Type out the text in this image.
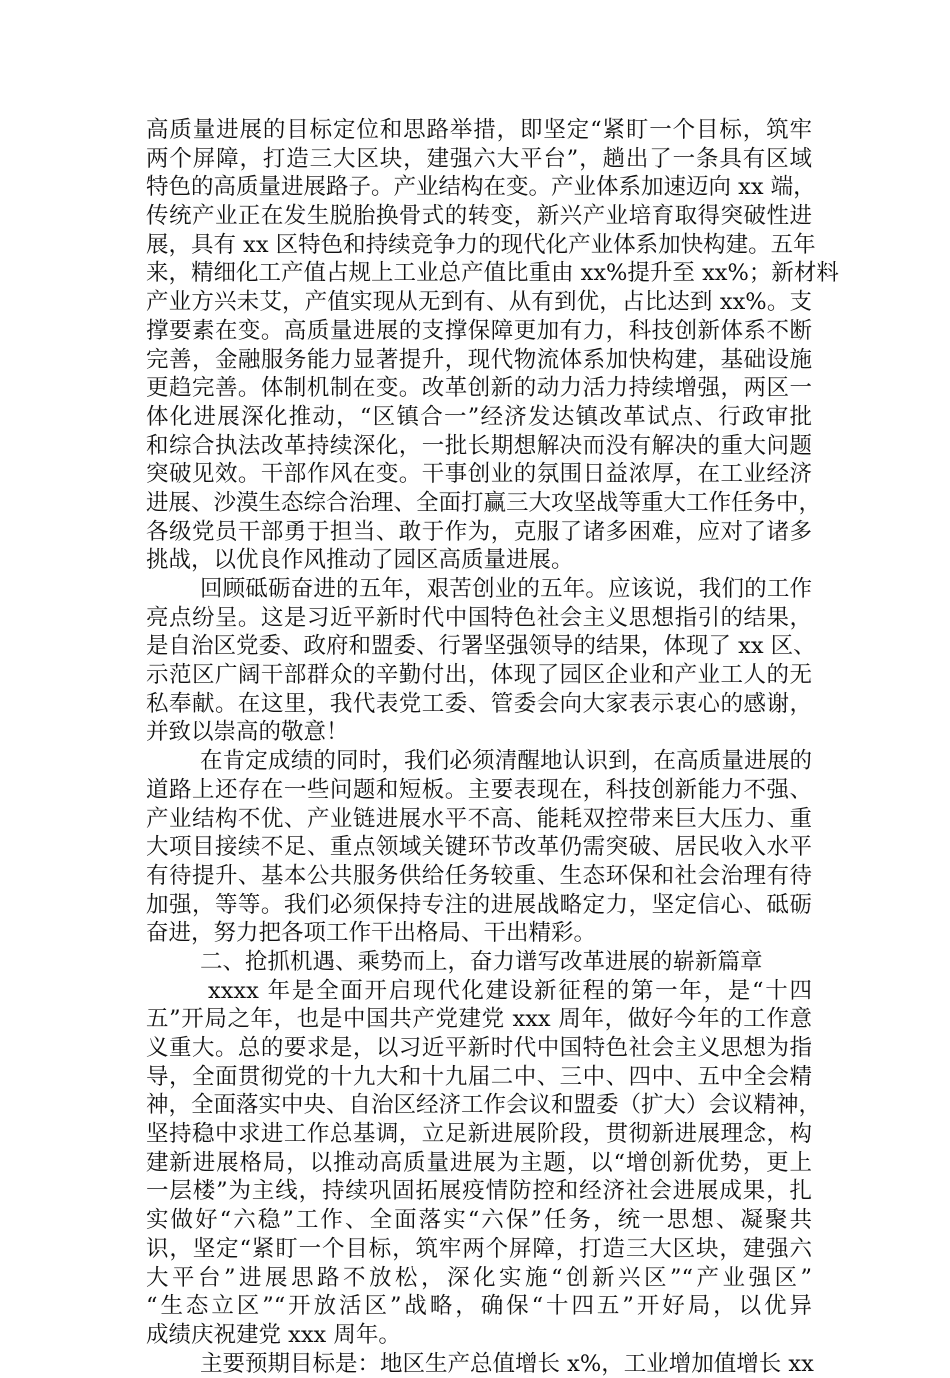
高质量进展的目标定位和思路举措，即坚定“紧盯一个目标，筑牢
两个屏障，打造三大区块，建强六大平台”，趟出了一条具有区域
特色的高质量进展路子。产业结构在变。产业体系加速迈向 xx 端，
传统产业正在发生脱胎换骨式的转变，新兴产业培育取得突破性进
展，具有 xx 区特色和持续竞争力的现代化产业体系加快构建。五年
来，精细化工产值占规上工业总产值比重由 xx%提升至 xx%；新材料
产业方兴未艾，产值实现从无到有、从有到优，占比达到 xx%。支
撑要素在变。高质量进展的支撑保障更加有力，科技创新体系不断
完善，金融服务能力显著提升，现代物流体系加快构建，基础设施
更趋完善。体制机制在变。改革创新的动力活力持续增强，两区一
体化进展深化推动，“区镇合一”经济发达镇改革试点、行政审批
和综合执法改革持续深化，一批长期想解决而没有解决的重大问题
突破见效。干部作风在变。干事创业的氛围日益浓厚，在工业经济
进展、沙漠生态综合治理、全面打赢三大攻坚战等重大工作任务中，
各级党员干部勇于担当、敢于作为，克服了诸多困难，应对了诸多
挑战，以优良作风推动了园区高质量进展。
回顾砥砺奋进的五年，艰苦创业的五年。应该说，我们的工作
亮点纷呈。这是习近平新时代中国特色社会主义思想指引的结果，
是自治区党委、政府和盟委、行署坚强领导的结果，体现了 xx 区、
示范区广阔干部群众的辛勤付出，体现了园区企业和产业工人的无
私奉献。在这里，我代表党工委、管委会向大家表示衷心的感谢，
并致以崇高的敬意！
在肯定成绩的同时，我们必须清醒地认识到，在高质量进展的
道路上还存在一些问题和短板。主要表现在，科技创新能力不强、
产业结构不优、产业链进展水平不高、能耗双控带来巨大压力、重
大项目接续不足、重点领域关键环节改革仍需突破、居民收入水平
有待提升、基本公共服务供给任务较重、生态环保和社会治理有待
加强，等等。我们必须保持专注的进展战略定力，坚定信心、砥砺
奋进，努力把各项工作干出格局、干出精彩。
二、抢抓机遇、乘势而上，奋力谱写改革进展的崭新篇章
xxxx 年是全面开启现代化建设新征程的第一年，是“十四
五”开局之年，也是中国共产党建党 xxx 周年，做好今年的工作意
义重大。总的要求是，以习近平新时代中国特色社会主义思想为指
导，全面贯彻党的十九大和十九届二中、三中、四中、五中全会精
神，全面落实中央、自治区经济工作会议和盟委（扩大）会议精神，
坚持稳中求进工作总基调，立足新进展阶段，贯彻新进展理念，构
建新进展格局，以推动高质量进展为主题，以“增创新优势，更上
一层楼”为主线，持续巩固拓展疫情防控和经济社会进展成果，扎
实做好“六稳”工作、全面落实“六保”任务，统一思想、凝聚共
识，坚定“紧盯一个目标，筑牢两个屏障，打造三大区块，建强六
大平台”进展思路不放松，深化实施“创新兴区”“产业强区”
“生态立区”“开放活区”战略，确保“十四五”开好局，以优异
成绩庆祝建党 xxx 周年。
主要预期目标是：地区生产总值增长 x%，工业增加值增长 xx
